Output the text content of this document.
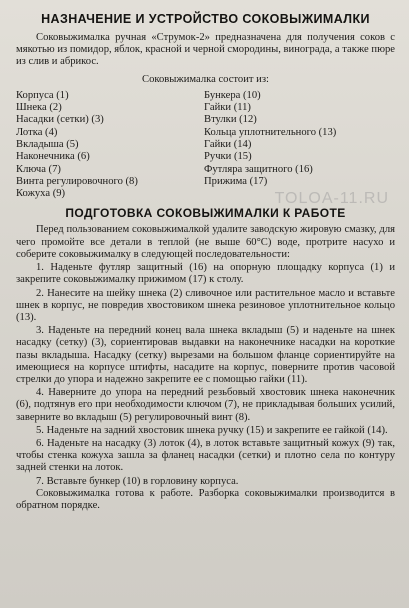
НАЗНАЧЕНИЕ И УСТРОЙСТВО СОКОВЫЖИМАЛКИ

Соковыжималка ручная «Струмок-2» предназначена для получения соков с мякотью из помидор, яблок, красной и черной смородины, винограда, а также пюре из слив и абрикос.

Соковыжималка состоит из:

Корпуса (1)
Шнека (2)
Насадки (сетки) (3)
Лотка (4)
Вкладыша (5)
Наконечника (6)
Ключа (7)
Винта регулировочного (8)
Кожуха (9)
Бункера (10)
Гайки (11)
Втулки (12)
Кольца уплотнительного (13)
Гайки (14)
Ручки (15)
Футляра защитного (16)
Прижима (17)
TOLOA-11.RU
ПОДГОТОВКА СОКОВЫЖИМАЛКИ К РАБОТЕ

Перед пользованием соковыжималкой удалите заводскую жировую смазку, для чего промойте все детали в теплой (не выше 60°С) воде, протрите насухо и соберите соковыжималку в следующей последовательности:

1. Наденьте футляр защитный (16) на опорную площадку корпуса (1) и закрепите соковыжималку прижимом (17) к столу.

2. Нанесите на шейку шнека (2) сливочное или растительное масло и вставьте шнек в корпус, не повредив хвостовиком шнека резиновое уплотнительное кольцо (13).

3. Наденьте на передний конец вала шнека вкладыш (5) и наденьте на шнек насадку (сетку) (3), сориентировав выдавки на наконечнике насадки на короткие пазы вкладыша. Насадку (сетку) вырезами на большом фланце сориентируйте на имеющиеся на корпусе штифты, насадите на корпус, поверните против часовой стрелки до упора и надежно закрепите ее с помощью гайки (11).

4. Наверните до упора на передний резьбовый хвостовик шнека наконечник (6), подтянув его при необходимости ключом (7), не прикладывая больших усилий, заверните во вкладыш (5) регулировочный винт (8).

5. Наденьте на задний хвостовик шнека ручку (15) и закрепите ее гайкой (14).

6. Наденьте на насадку (3) лоток (4), в лоток вставьте защитный кожух (9) так, чтобы стенка кожуха зашла за фланец насадки (сетки) и плотно села по контуру задней стенки на лоток.

7. Вставьте бункер (10) в горловину корпуса.

Соковыжималка готова к работе. Разборка соковыжималки производится в обратном порядке.
